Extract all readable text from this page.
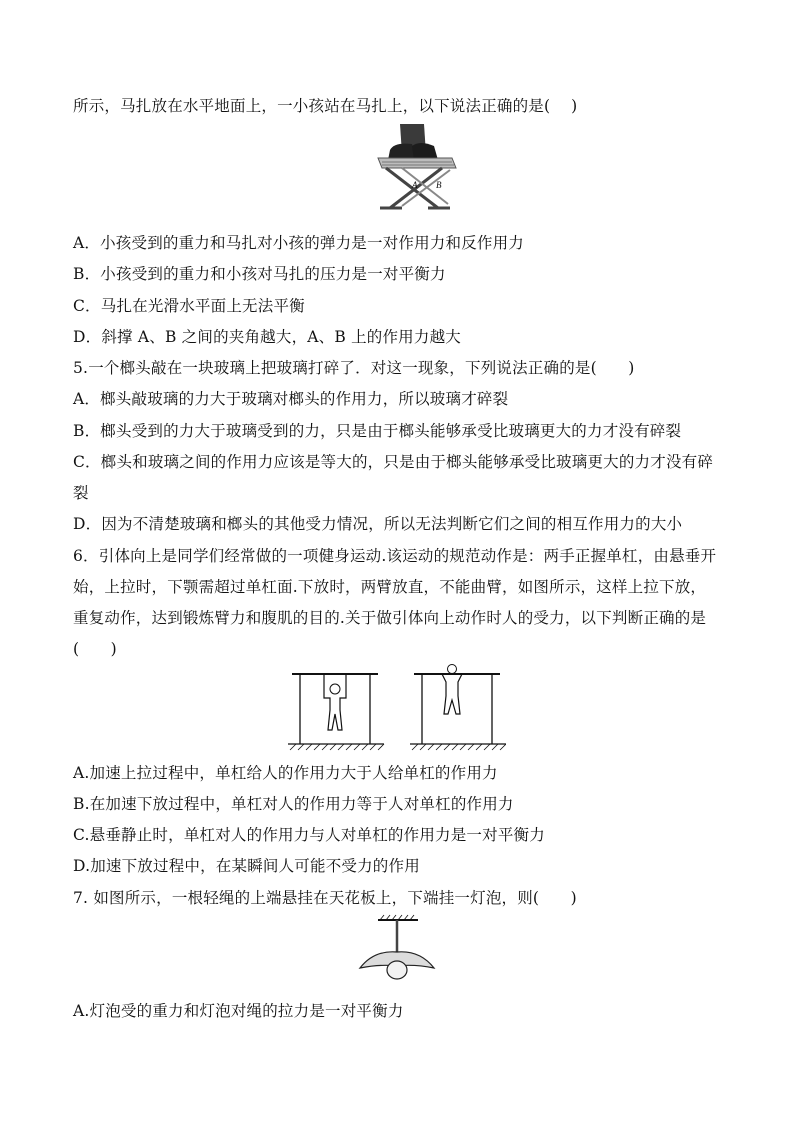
所示，马扎放在水平地面上，一小孩站在马扎上，以下说法正确的是(　 )
A B
A．小孩受到的重力和马扎对小孩的弹力是一对作用力和反作用力
B．小孩受到的重力和小孩对马扎的压力是一对平衡力
C．马扎在光滑水平面上无法平衡
D．斜撑 A、B 之间的夹角越大，A、B 上的作用力越大
5.一个榔头敲在一块玻璃上把玻璃打碎了．对这一现象，下列说法正确的是(　　)
A．榔头敲玻璃的力大于玻璃对榔头的作用力，所以玻璃才碎裂
B．榔头受到的力大于玻璃受到的力，只是由于榔头能够承受比玻璃更大的力才没有碎裂
C．榔头和玻璃之间的作用力应该是等大的，只是由于榔头能够承受比玻璃更大的力才没有碎
裂
D．因为不清楚玻璃和榔头的其他受力情况，所以无法判断它们之间的相互作用力的大小
6．引体向上是同学们经常做的一项健身运动.该运动的规范动作是：两手正握单杠，由悬垂开
始，上拉时，下颚需超过单杠面.下放时，两臂放直，不能曲臂，如图所示，这样上拉下放，
重复动作，达到锻炼臂力和腹肌的目的.关于做引体向上动作时人的受力，以下判断正确的是
(　　)
A.加速上拉过程中，单杠给人的作用力大于人给单杠的作用力
B.在加速下放过程中，单杠对人的作用力等于人对单杠的作用力
C.悬垂静止时，单杠对人的作用力与人对单杠的作用力是一对平衡力
D.加速下放过程中，在某瞬间人可能不受力的作用
7. 如图所示，一根轻绳的上端悬挂在天花板上，下端挂一灯泡，则(　　)
A.灯泡受的重力和灯泡对绳的拉力是一对平衡力
